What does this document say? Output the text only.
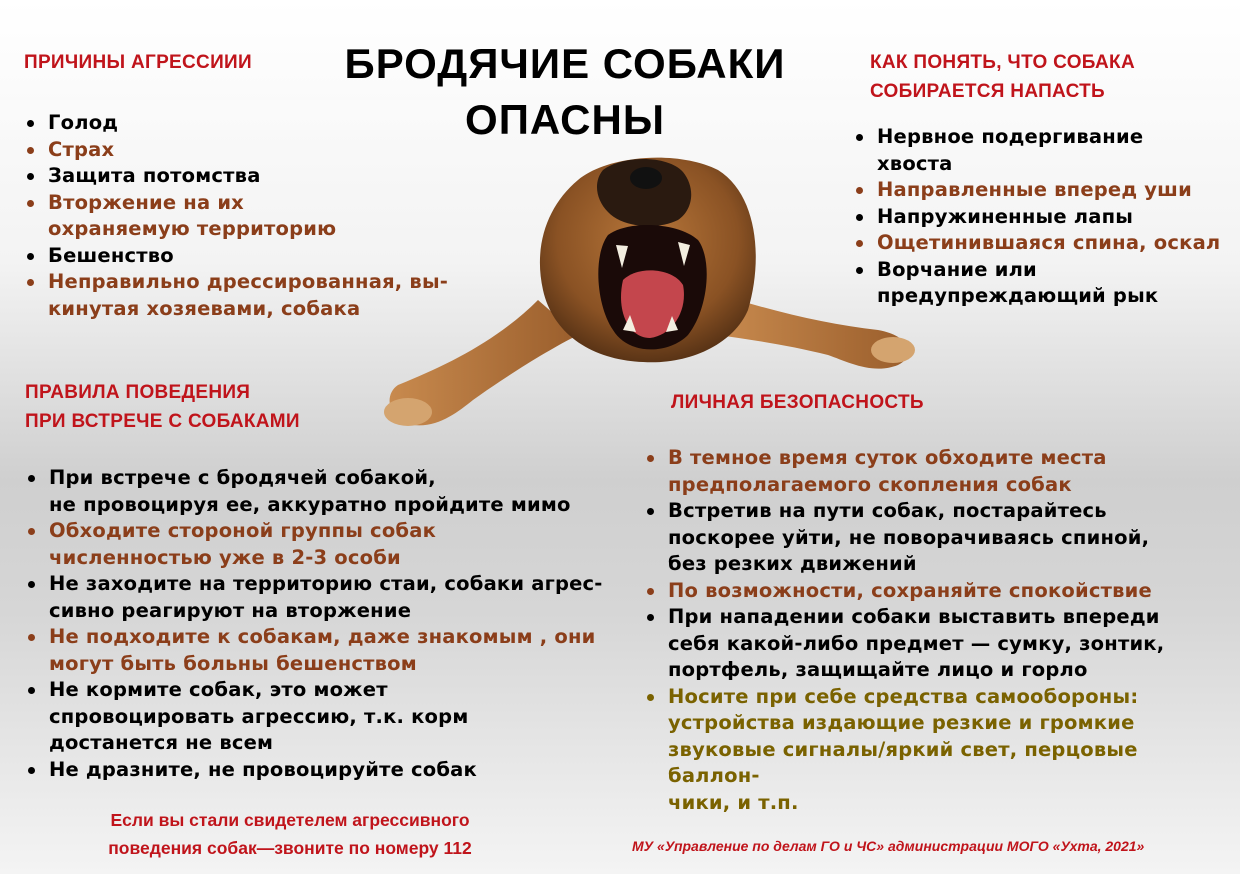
БРОДЯЧИЕ СОБАКИ

ОПАСНЫ

ПРИЧИНЫ АГРЕССИИИ

Голод
Страх
Защита потомства
Вторжение на их
охраняемую территорию
Бешенство
Неправильно дрессированная, вы-
кинутая хозяевами, собака

КАК ПОНЯТЬ, ЧТО СОБАКА

СОБИРАЕТСЯ НАПАСТЬ

Нервное подергивание
хвоста
Направленные вперед уши
Напружиненные лапы
Ощетинившаяся спина, оскал
Ворчание или
предупреждающий рык

ПРАВИЛА ПОВЕДЕНИЯ

ПРИ ВСТРЕЧЕ С СОБАКАМИ

При встрече с бродячей собакой,
не провоцируя ее, аккуратно пройдите мимо
Обходите стороной группы собак
численностью уже в 2-3 особи
Не заходите на территорию стаи, собаки агрес-
сивно реагируют на вторжение
Не подходите к собакам, даже знакомым , они
могут быть больны бешенством
Не кормите собак, это может
спровоцировать агрессию, т.к. корм
достанется не всем
Не дразните, не провоцируйте собак

ЛИЧНАЯ БЕЗОПАСНОСТЬ

В темное время суток обходите места
предполагаемого скопления собак
Встретив на пути собак, постарайтесь
поскорее уйти, не поворачиваясь спиной,
без резких движений
По возможности, сохраняйте спокойствие
При нападении собаки выставить впереди
себя какой-либо предмет — сумку, зонтик,
портфель, защищайте лицо и горло
Носите при себе средства самообороны:
устройства издающие резкие и громкие
звуковые сигналы/яркий свет, перцовые баллон-
чики, и т.п.

Если вы стали свидетелем агрессивного

поведения собак—звоните по номеру 112	МУ «Управление по делам ГО и ЧС» администрации МОГО «Ухта, 2021»
